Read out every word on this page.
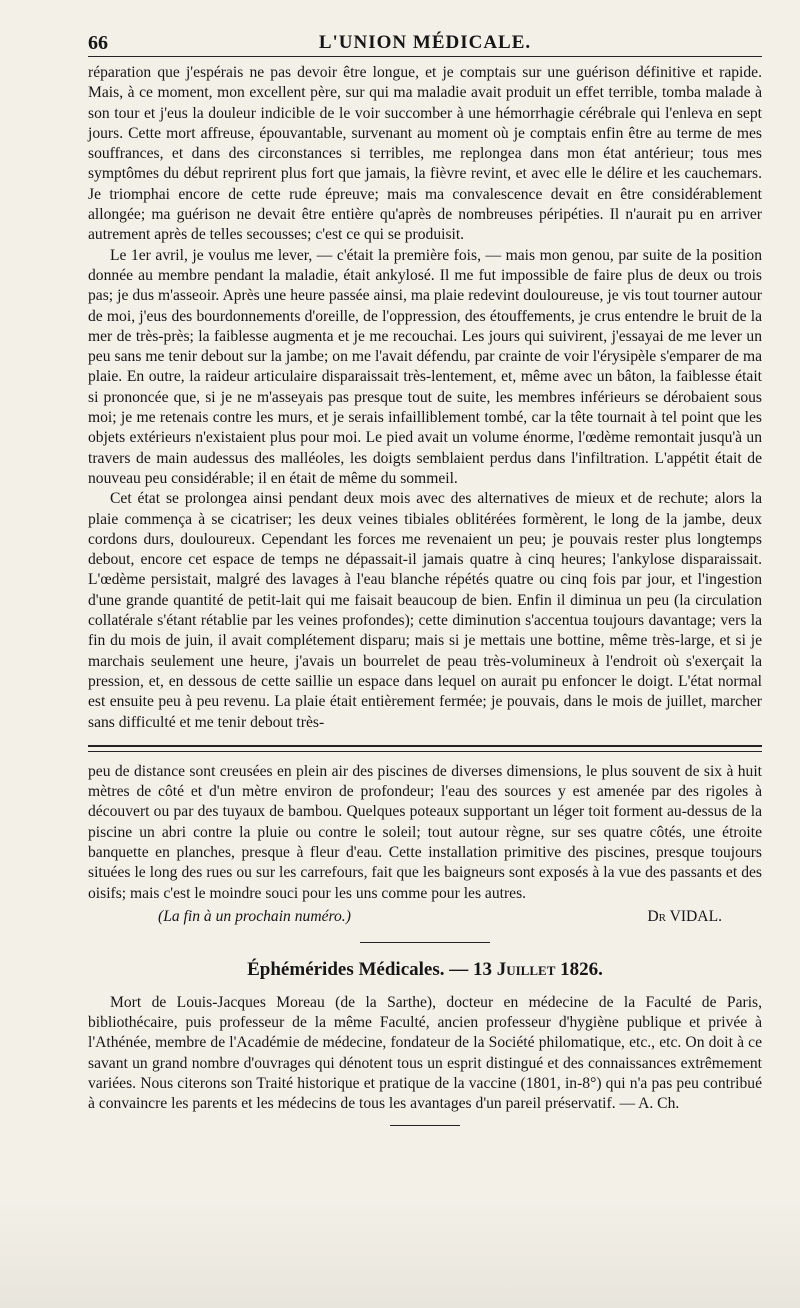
66	L'UNION MÉDICALE.

réparation que j'espérais ne pas devoir être longue, et je comptais sur une guérison définitive et rapide. Mais, à ce moment, mon excellent père, sur qui ma maladie avait produit un effet terrible, tomba malade à son tour et j'eus la douleur indicible de le voir succomber à une hémorrhagie cérébrale qui l'enleva en sept jours. Cette mort affreuse, épouvantable, survenant au moment où je comptais enfin être au terme de mes souffrances, et dans des circonstances si terribles, me replongea dans mon état antérieur; tous mes symptômes du début reprirent plus fort que jamais, la fièvre revint, et avec elle le délire et les cauchemars. Je triomphai encore de cette rude épreuve; mais ma convalescence devait en être considérablement allongée; ma guérison ne devait être entière qu'après de nombreuses péripéties. Il n'aurait pu en arriver autrement après de telles secousses; c'est ce qui se produisit.

Le 1er avril, je voulus me lever, — c'était la première fois, — mais mon genou, par suite de la position donnée au membre pendant la maladie, était ankylosé. Il me fut impossible de faire plus de deux ou trois pas; je dus m'asseoir. Après une heure passée ainsi, ma plaie redevint douloureuse, je vis tout tourner autour de moi, j'eus des bourdonnements d'oreille, de l'oppression, des étouffements, je crus entendre le bruit de la mer de très-près; la faiblesse augmenta et je me recouchai. Les jours qui suivirent, j'essayai de me lever un peu sans me tenir debout sur la jambe; on me l'avait défendu, par crainte de voir l'érysipèle s'emparer de ma plaie. En outre, la raideur articulaire disparaissait très-lentement, et, même avec un bâton, la faiblesse était si prononcée que, si je ne m'asseyais pas presque tout de suite, les membres inférieurs se dérobaient sous moi; je me retenais contre les murs, et je serais infailliblement tombé, car la tête tournait à tel point que les objets extérieurs n'existaient plus pour moi. Le pied avait un volume énorme, l'œdème remontait jusqu'à un travers de main audessus des malléoles, les doigts semblaient perdus dans l'infiltration. L'appétit était de nouveau peu considérable; il en était de même du sommeil.

Cet état se prolongea ainsi pendant deux mois avec des alternatives de mieux et de rechute; alors la plaie commença à se cicatriser; les deux veines tibiales oblitérées formèrent, le long de la jambe, deux cordons durs, douloureux. Cependant les forces me revenaient un peu; je pouvais rester plus longtemps debout, encore cet espace de temps ne dépassait-il jamais quatre à cinq heures; l'ankylose disparaissait. L'œdème persistait, malgré des lavages à l'eau blanche répétés quatre ou cinq fois par jour, et l'ingestion d'une grande quantité de petit-lait qui me faisait beaucoup de bien. Enfin il diminua un peu (la circulation collatérale s'étant rétablie par les veines profondes); cette diminution s'accentua toujours davantage; vers la fin du mois de juin, il avait complétement disparu; mais si je mettais une bottine, même très-large, et si je marchais seulement une heure, j'avais un bourrelet de peau très-volumineux à l'endroit où s'exerçait la pression, et, en dessous de cette saillie un espace dans lequel on aurait pu enfoncer le doigt. L'état normal est ensuite peu à peu revenu. La plaie était entièrement fermée; je pouvais, dans le mois de juillet, marcher sans difficulté et me tenir debout très-

peu de distance sont creusées en plein air des piscines de diverses dimensions, le plus souvent de six à huit mètres de côté et d'un mètre environ de profondeur; l'eau des sources y est amenée par des rigoles à découvert ou par des tuyaux de bambou. Quelques poteaux supportant un léger toit forment au-dessus de la piscine un abri contre la pluie ou contre le soleil; tout autour règne, sur ses quatre côtés, une étroite banquette en planches, presque à fleur d'eau. Cette installation primitive des piscines, presque toujours situées le long des rues ou sur les carrefours, fait que les baigneurs sont exposés à la vue des passants et des oisifs; mais c'est le moindre souci pour les uns comme pour les autres.

(La fin à un prochain numéro.)	Dr VIDAL.
Éphémérides Médicales. — 13 Juillet 1826.

Mort de Louis-Jacques Moreau (de la Sarthe), docteur en médecine de la Faculté de Paris, bibliothécaire, puis professeur de la même Faculté, ancien professeur d'hygiène publique et privée à l'Athénée, membre de l'Académie de médecine, fondateur de la Société philomatique, etc., etc. On doit à ce savant un grand nombre d'ouvrages qui dénotent tous un esprit distingué et des connaissances extrêmement variées. Nous citerons son Traité historique et pratique de la vaccine (1801, in-8°) qui n'a pas peu contribué à convaincre les parents et les médecins de tous les avantages d'un pareil préservatif. — A. Ch.
